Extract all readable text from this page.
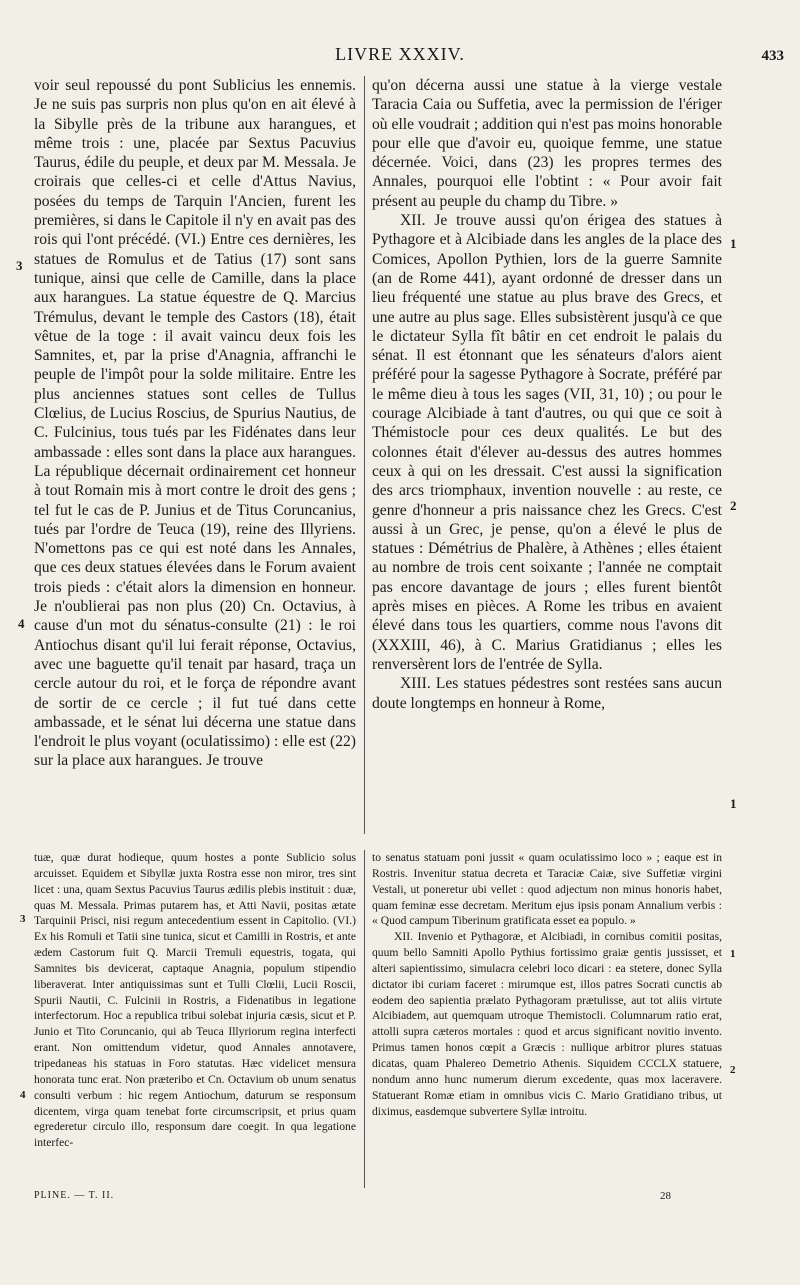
LIVRE XXXIV.	433

voir seul repoussé du pont Sublicius les ennemis. Je ne suis pas surpris non plus qu'on en ait élevé à la Sibylle près de la tribune aux harangues, et même trois : une, placée par Sextus Pacuvius Taurus, édile du peuple, et deux par M. Messala. Je croirais que celles-ci et celle d'Attus Navius, posées du temps de Tarquin l'Ancien, furent les premières, si dans le Capitole il n'y en avait pas des rois qui l'ont précédé. (VI.) Entre ces dernières, les statues de Romulus et de Tatius (17) sont sans tunique, ainsi que celle de Camille, dans la place aux harangues. La statue équestre de Q. Marcius Trémulus, devant le temple des Castors (18), était vêtue de la toge : il avait vaincu deux fois les Samnites, et, par la prise d'Anagnia, affranchi le peuple de l'impôt pour la solde militaire. Entre les plus anciennes statues sont celles de Tullus Clœlius, de Lucius Roscius, de Spurius Nautius, de C. Fulcinius, tous tués par les Fidénates dans leur ambassade : elles sont dans la place aux harangues. La république décernait ordinairement cet honneur à tout Romain mis à mort contre le droit des gens ; tel fut le cas de P. Junius et de Titus Coruncanius, tués par l'ordre de Teuca (19), reine des Illyriens. N'omettons pas ce qui est noté dans les Annales, que ces deux statues élevées dans le Forum avaient trois pieds : c'était alors la dimension en honneur. Je n'oublierai pas non plus (20) Cn. Octavius, à cause d'un mot du sénatus-consulte (21) : le roi Antiochus disant qu'il lui ferait réponse, Octavius, avec une baguette qu'il tenait par hasard, traça un cercle autour du roi, et le força de répondre avant de sortir de ce cercle ; il fut tué dans cette ambassade, et le sénat lui décerna une statue dans l'endroit le plus voyant (oculatissimo) : elle est (22) sur la place aux harangues. Je trouve

qu'on décerna aussi une statue à la vierge vestale Taracia Caia ou Suffetia, avec la permission de l'ériger où elle voudrait ; addition qui n'est pas moins honorable pour elle que d'avoir eu, quoique femme, une statue décernée. Voici, dans (23) les propres termes des Annales, pourquoi elle l'obtint : « Pour avoir fait présent au peuple du champ du Tibre. »

XII. Je trouve aussi qu'on érigea des statues à Pythagore et à Alcibiade dans les angles de la place des Comices, Apollon Pythien, lors de la guerre Samnite (an de Rome 441), ayant ordonné de dresser dans un lieu fréquenté une statue au plus brave des Grecs, et une autre au plus sage. Elles subsistèrent jusqu'à ce que le dictateur Sylla fît bâtir en cet endroit le palais du sénat. Il est étonnant que les sénateurs d'alors aient préféré pour la sagesse Pythagore à Socrate, préféré par le même dieu à tous les sages (VII, 31, 10) ; ou pour le courage Alcibiade à tant d'autres, ou qui que ce soit à Thémistocle pour ces deux qualités. Le but des colonnes était d'élever au-dessus des autres hommes ceux à qui on les dressait. C'est aussi la signification des arcs triomphaux, invention nouvelle : au reste, ce genre d'honneur a pris naissance chez les Grecs. C'est aussi à un Grec, je pense, qu'on a élevé le plus de statues : Démétrius de Phalère, à Athènes ; elles étaient au nombre de trois cent soixante ; l'année ne comptait pas encore davantage de jours ; elles furent bientôt après mises en pièces. A Rome les tribus en avaient élevé dans tous les quartiers, comme nous l'avons dit (XXXIII, 46), à C. Marius Gratidianus ; elles les renversèrent lors de l'entrée de Sylla.

XIII. Les statues pédestres sont restées sans aucun doute longtemps en honneur à Rome,

3
4
1
2
1

tuæ, quæ durat hodieque, quum hostes a ponte Sublicio solus arcuisset. Equidem et Sibyllæ juxta Rostra esse non miror, tres sint licet : una, quam Sextus Pacuvius Taurus ædilis plebis instituit : duæ, quas M. Messala. Primas putarem has, et Atti Navii, positas ætate Tarquinii Prisci, nisi regum antecedentium essent in Capitolio. (VI.) Ex his Romuli et Tatii sine tunica, sicut et Camilli in Rostris, et ante ædem Castorum fuit Q. Marcii Tremuli equestris, togata, qui Samnites bis devicerat, captaque Anagnia, populum stipendio liberaverat. Inter antiquissimas sunt et Tulli Clœlii, Lucii Roscii, Spurii Nautii, C. Fulcinii in Rostris, a Fidenatibus in legatione interfectorum. Hoc a republica tribui solebat injuria cæsis, sicut et P. Junio et Tito Coruncanio, qui ab Teuca Illyriorum regina interfecti erant. Non omittendum videtur, quod Annales annotavere, tripedaneas his statuas in Foro statutas. Hæc videlicet mensura honorata tunc erat. Non præteribo et Cn. Octavium ob unum senatus consulti verbum : hic regem Antiochum, daturum se responsum dicentem, virga quam tenebat forte circumscripsit, et prius quam egrederetur circulo illo, responsum dare coegit. In qua legatione interfec-

to senatus statuam poni jussit « quam oculatissimo loco » ; eaque est in Rostris. Invenitur statua decreta et Taraciæ Caiæ, sive Suffetiæ virgini Vestali, ut poneretur ubi vellet : quod adjectum non minus honoris habet, quam feminæ esse decretam. Meritum ejus ipsis ponam Annalium verbis : « Quod campum Tiberinum gratificata esset ea populo. »

XII. Invenio et Pythagoræ, et Alcibiadi, in cornibus comitii positas, quum bello Samniti Apollo Pythius fortissimo graiæ gentis jussisset, et alteri sapientissimo, simulacra celebri loco dicari : ea stetere, donec Sylla dictator ibi curiam faceret : mirumque est, illos patres Socrati cunctis ab eodem deo sapientia prælato Pythagoram prætulisse, aut tot aliis virtute Alcibiadem, aut quemquam utroque Themistocli. Columnarum ratio erat, attolli supra cæteros mortales : quod et arcus significant novitio invento. Primus tamen honos cœpit a Græcis : nullique arbitror plures statuas dicatas, quam Phalereo Demetrio Athenis. Siquidem CCCLX statuere, nondum anno hunc numerum dierum excedente, quas mox laceravere. Statuerant Romæ etiam in omnibus vicis C. Mario Gratidiano tribus, ut diximus, easdemque subvertere Syllæ introitu.

3
4
1
2
PLINE. — T. II.	28
